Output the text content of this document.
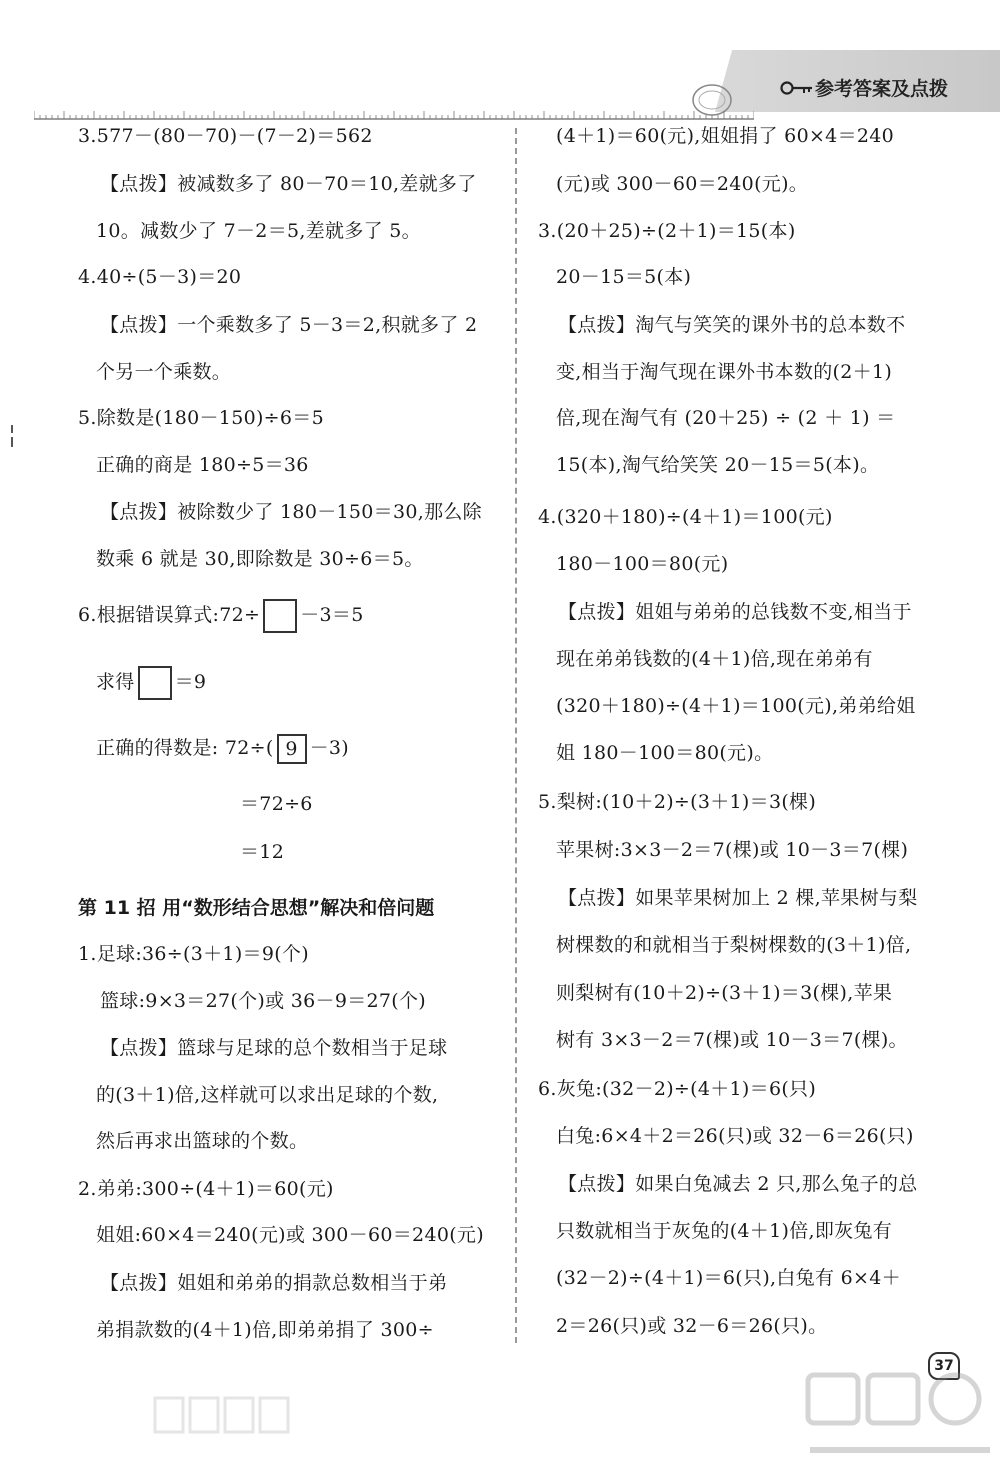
参考答案及点拨
3.577－(80－70)－(7－2)＝562
【点拨】被减数多了 80－70＝10,差就多了
10。减数少了 7－2＝5,差就多了 5。
4.40÷(5－3)＝20
【点拨】一个乘数多了 5－3＝2,积就多了 2
个另一个乘数。
5.除数是(180－150)÷6＝5
正确的商是 180÷5＝36
【点拨】被除数少了 180－150＝30,那么除
数乘 6 就是 30,即除数是 30÷6＝5。
6.根据错误算式:72÷ －3＝5
求得 ＝9
正确的得数是: 72÷( 9 －3)
＝72÷6
＝12
第 11 招 用“数形结合思想”解决和倍问题
1.足球:36÷(3＋1)＝9(个)
篮球:9×3＝27(个)或 36－9＝27(个)
【点拨】篮球与足球的总个数相当于足球
的(3＋1)倍,这样就可以求出足球的个数,
然后再求出篮球的个数。
2.弟弟:300÷(4＋1)＝60(元)
姐姐:60×4＝240(元)或 300－60＝240(元)
【点拨】姐姐和弟弟的捐款总数相当于弟
弟捐款数的(4＋1)倍,即弟弟捐了 300÷
(4＋1)＝60(元),姐姐捐了 60×4＝240
(元)或 300－60＝240(元)。
3.(20＋25)÷(2＋1)＝15(本)
20－15＝5(本)
【点拨】淘气与笑笑的课外书的总本数不
变,相当于淘气现在课外书本数的(2＋1)
倍,现在淘气有 (20＋25) ÷ (2 ＋ 1) ＝
15(本),淘气给笑笑 20－15＝5(本)。
4.(320＋180)÷(4＋1)＝100(元)
180－100＝80(元)
【点拨】姐姐与弟弟的总钱数不变,相当于
现在弟弟钱数的(4＋1)倍,现在弟弟有
(320＋180)÷(4＋1)＝100(元),弟弟给姐
姐 180－100＝80(元)。
5.梨树:(10＋2)÷(3＋1)＝3(棵)
苹果树:3×3－2＝7(棵)或 10－3＝7(棵)
【点拨】如果苹果树加上 2 棵,苹果树与梨
树棵数的和就相当于梨树棵数的(3＋1)倍,
则梨树有(10＋2)÷(3＋1)＝3(棵),苹果
树有 3×3－2＝7(棵)或 10－3＝7(棵)。
6.灰兔:(32－2)÷(4＋1)＝6(只)
白兔:6×4＋2＝26(只)或 32－6＝26(只)
【点拨】如果白兔减去 2 只,那么兔子的总
只数就相当于灰兔的(4＋1)倍,即灰兔有
(32－2)÷(4＋1)＝6(只),白兔有 6×4＋
2＝26(只)或 32－6＝26(只)。
37
